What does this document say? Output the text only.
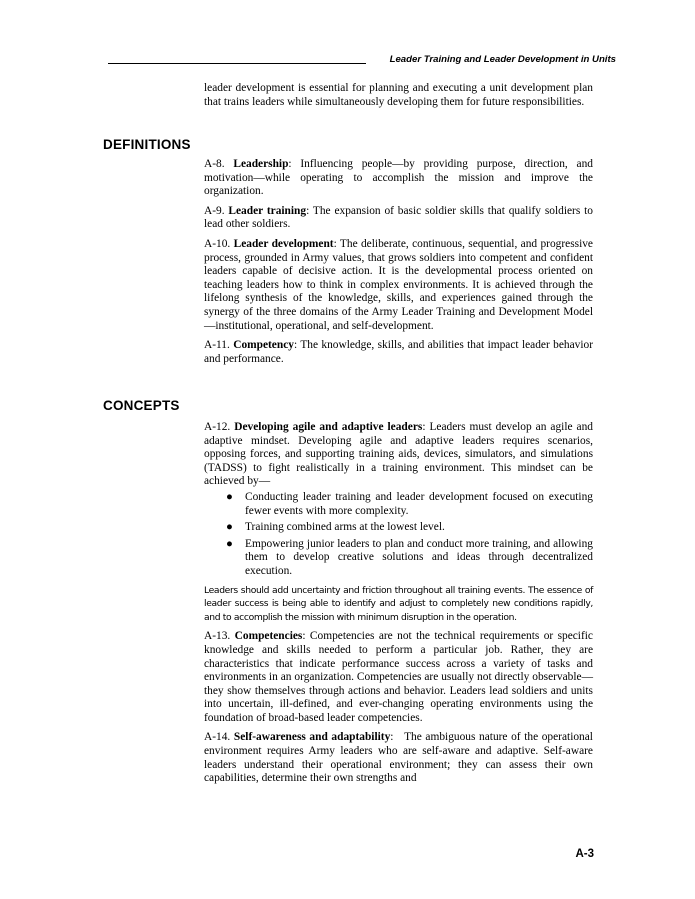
Leader Training and Leader Development in Units

leader development is essential for planning and executing a unit development plan that trains leaders while simultaneously developing them for future responsibilities.

DEFINITIONS

A-8. Leadership: Influencing people—by providing purpose, direction, and motivation—while operating to accomplish the mission and improve the organization.

A-9. Leader training: The expansion of basic soldier skills that qualify soldiers to lead other soldiers.

A-10. Leader development: The deliberate, continuous, sequential, and progressive process, grounded in Army values, that grows soldiers into competent and confident leaders capable of decisive action. It is the developmental process oriented on teaching leaders how to think in complex environments. It is achieved through the lifelong synthesis of the knowledge, skills, and experiences gained through the synergy of the three domains of the Army Leader Training and Development Model—institutional, operational, and self-development.

A-11. Competency: The knowledge, skills, and abilities that impact leader behavior and performance.

CONCEPTS

A-12. Developing agile and adaptive leaders: Leaders must develop an agile and adaptive mindset. Developing agile and adaptive leaders requires scenarios, opposing forces, and supporting training aids, devices, simulators, and simulations (TADSS) to fight realistically in a training environment. This mindset can be achieved by—

● Conducting leader training and leader development focused on executing fewer events with more complexity.
● Training combined arms at the lowest level.
● Empowering junior leaders to plan and conduct more training, and allowing them to develop creative solutions and ideas through decentralized execution.

Leaders should add uncertainty and friction throughout all training events. The essence of leader success is being able to identify and adjust to completely new conditions rapidly, and to accomplish the mission with minimum disruption in the operation.

A-13. Competencies: Competencies are not the technical requirements or specific knowledge and skills needed to perform a particular job. Rather, they are characteristics that indicate performance success across a variety of tasks and environments in an organization. Competencies are usually not directly observable—they show themselves through actions and behavior. Leaders lead soldiers and units into uncertain, ill-defined, and ever-changing operating environments using the foundation of broad-based leader competencies.

A-14. Self-awareness and adaptability:   The ambiguous nature of the operational environment requires Army leaders who are self-aware and adaptive. Self-aware leaders understand their operational environment; they can assess their own capabilities, determine their own strengths and

A-3
